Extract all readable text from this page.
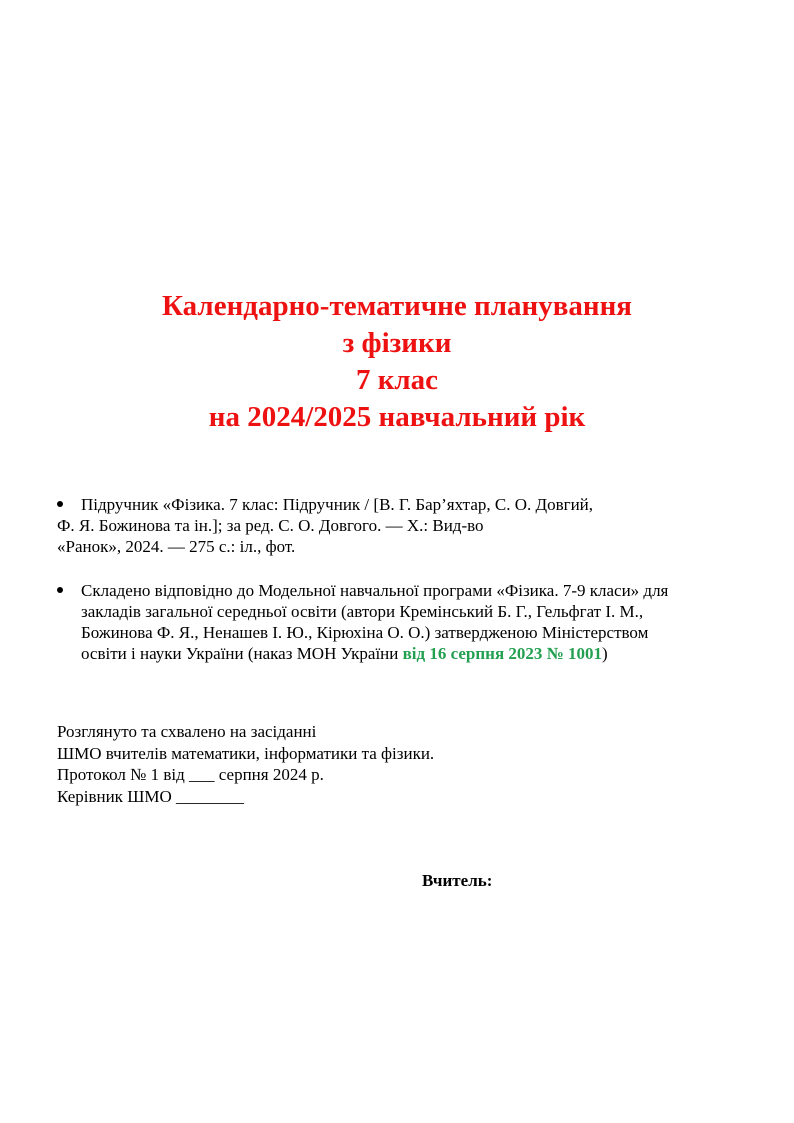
Календарно-тематичне планування
з фізики
7 клас
на 2024/2025 навчальний рік
Підручник «Фізика. 7 клас: Підручник / [В. Г. Бар’яхтар, С. О. Довгий,
Ф. Я. Божинова та ін.]; за ред. С. О. Довгого. — Х.: Вид-во
«Ранок», 2024. — 275 с.: іл., фот.
Складено відповідно до Модельної навчальної програми «Фізика. 7-9 класи» для
закладів загальної середньої освіти (автори Кремінський Б. Г., Гельфгат І. М.,
Божинова Ф. Я., Ненашев І. Ю., Кірюхіна О. О.) затвердженою Міністерством
освіти і науки України (наказ МОН України від 16 серпня 2023 № 1001)
Розглянуто та схвалено на засіданні
ШМО вчителів математики, інформатики та фізики.
Протокол № 1 від ___ серпня 2024 р.
Керівник ШМО ________
Вчитель:
